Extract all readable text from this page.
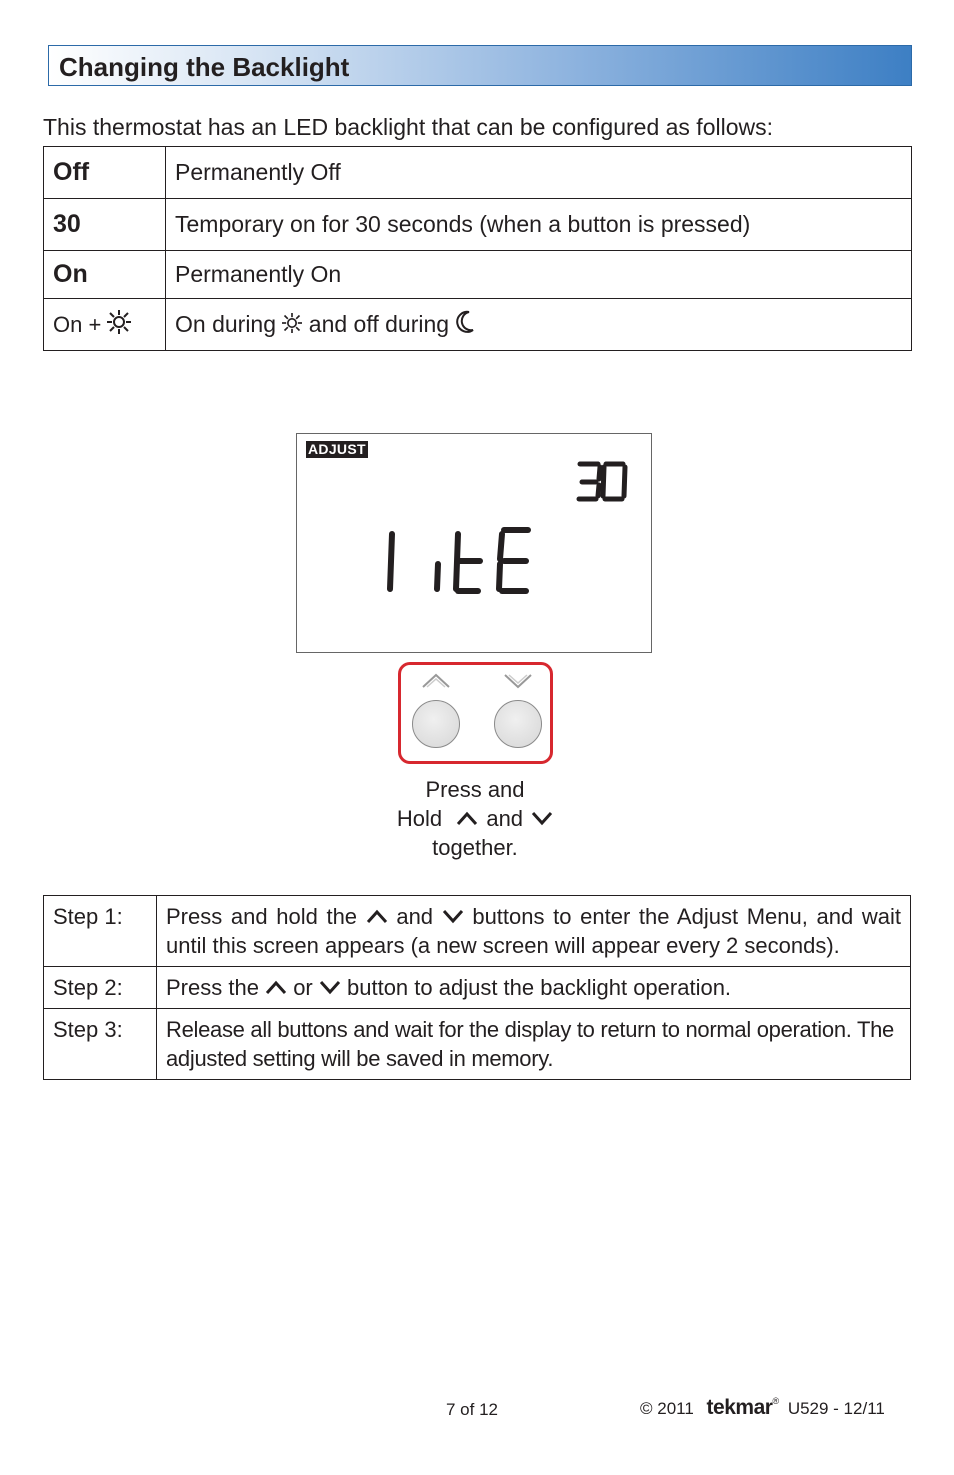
Changing the Backlight
This thermostat has an LED backlight that can be configured as follows:
Off	Permanently Off
30	Temporary on for 30 seconds (when a button is pressed)
On	Permanently On
On +	On during and off during
ADJUST
Press and
Hold and
together.
Step 1:	Press and hold the and buttons to enter the Adjust Menu, and wait until this screen appears (a new screen will appear every 2 seconds).
Step 2:	Press the or button to adjust the backlight operation.
Step 3:	Release all buttons and wait for the display to return to normal operation. The adjusted setting will be saved in memory.
7 of 12	© 2011 tekmar® U529 - 12/11
